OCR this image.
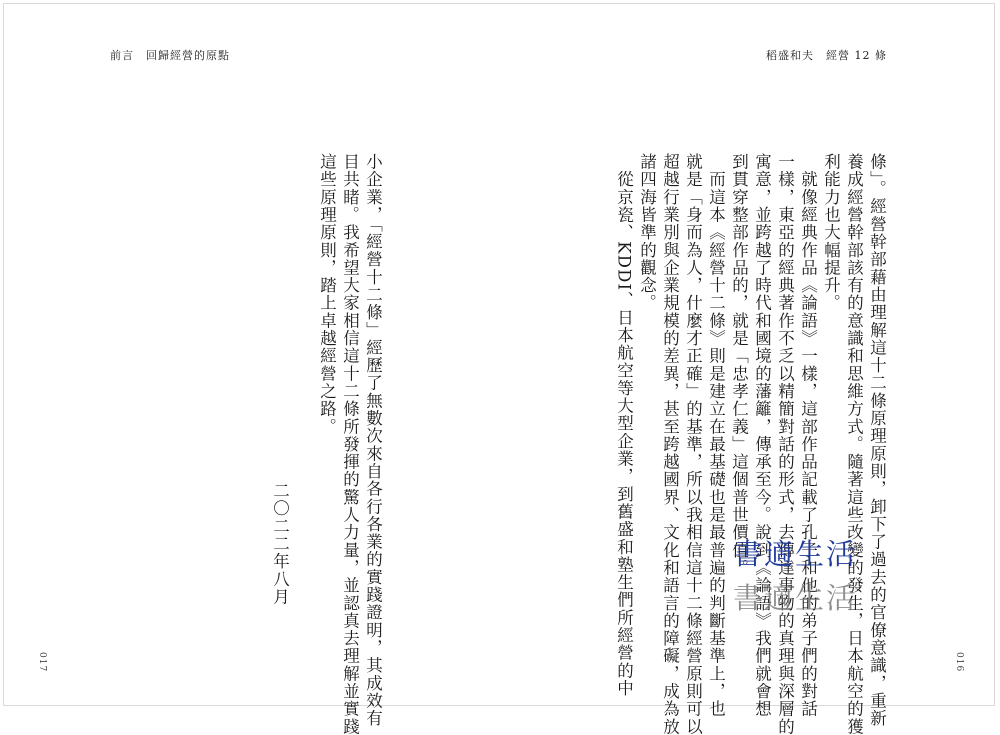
前言　回歸經營的原點	稻盛和夫　經營 12 條
條」。經營幹部藉由理解這十二條原理原則，卸下了過去的官僚意識，重新
養成經營幹部該有的意識和思維方式。隨著這些改變的發生，日本航空的獲
利能力也大幅提升。
　就像經典作品《論語》一樣，這部作品記載了孔子和他的弟子們的對話
一樣，東亞的經典著作不乏以精簡對話的形式，去傳達事物的真理與深層的
寓意，並跨越了時代和國境的藩籬，傳承至今。說到《論語》我們就會想
到貫穿整部作品的，就是「忠孝仁義」這個普世價值。
　而這本《經營十二條》則是建立在最基礎也是最普遍的判斷基準上，也
就是「身而為人，什麼才正確」的基準，所以我相信這十二條經營原則可以
超越行業別與企業規模的差異，甚至跨越國界、文化和語言的障礙，成為放
諸四海皆準的觀念。
　從京瓷、KDDI、日本航空等大型企業，到舊盛和塾生們所經營的中
小企業，「經營十二條」經歷了無數次來自各行各業的實踐證明，其成效有
目共睹。我希望大家相信這十二條所發揮的驚人力量，並認真去理解並實踐
這些原理原則，踏上卓越經營之路。
二〇二二年八月
017	016
書適生活
書適生活
